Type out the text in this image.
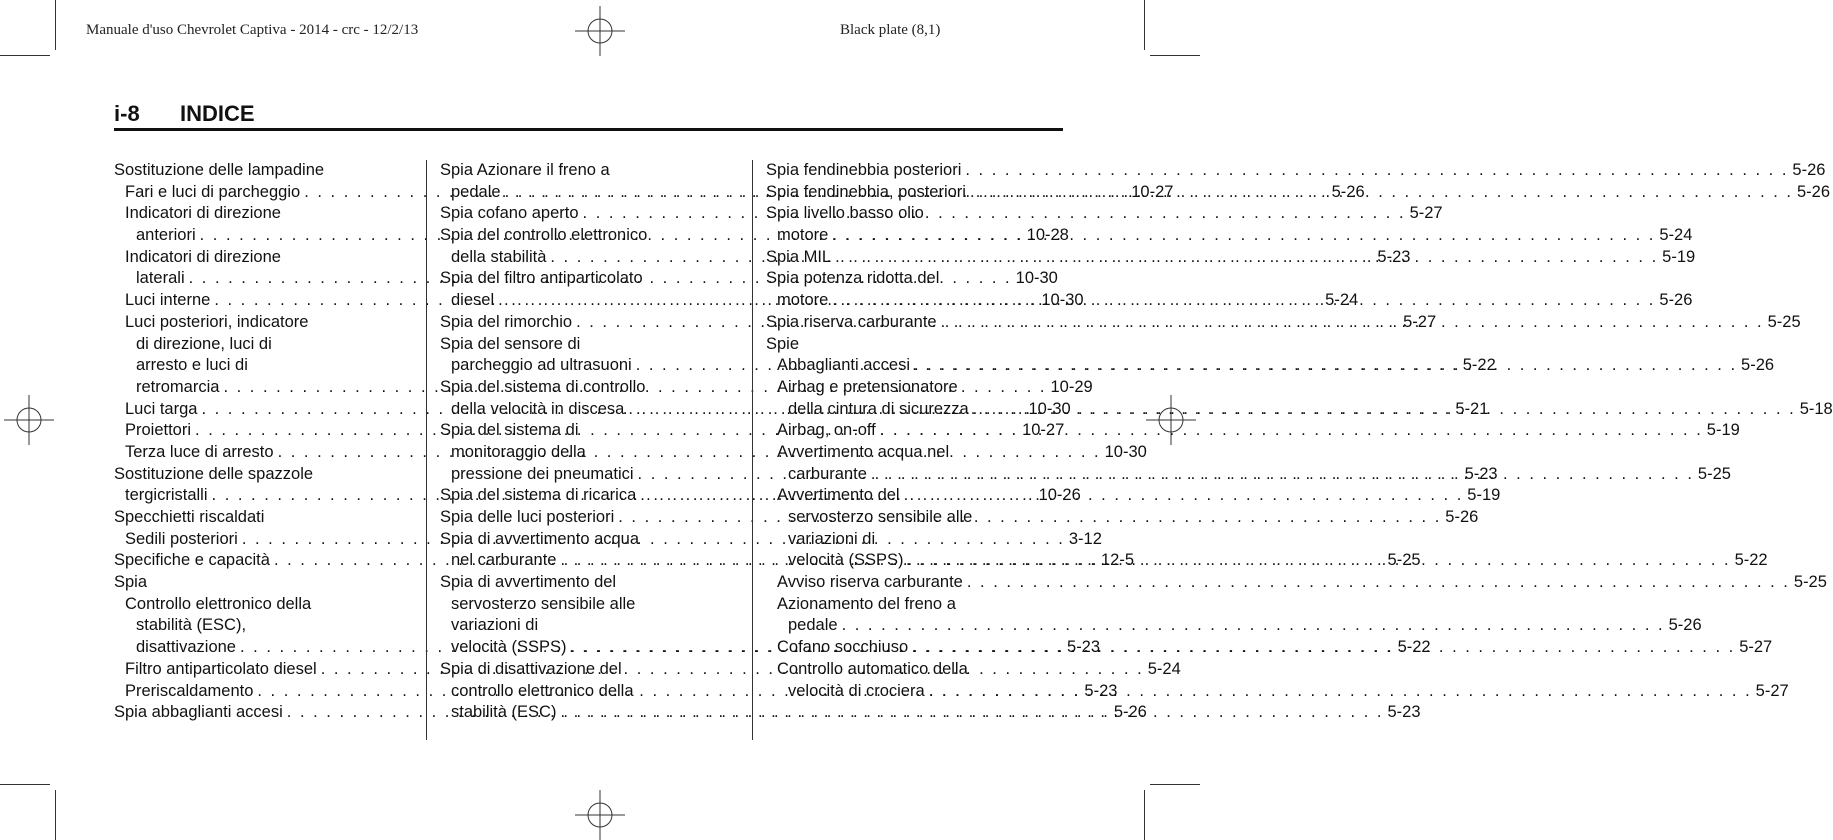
Manuale d'uso Chevrolet Captiva - 2014 - crc - 12/2/13	Black plate (8,1)
i-8 INDICE
Sostituzione delle lampadine
Fari e luci di parcheggio . . .	10-27
Indicatori di direzione
anteriori . . .	10-28
Indicatori di direzione
laterali . . .	10-30
Luci interne . . .	10-30
Luci posteriori, indicatore
di direzione, luci di
arresto e luci di
retromarcia . . .	10-29
Luci targa . . .	10-30
Proiettori . . .	10-27
Terza luce di arresto . . .	10-30
Sostituzione delle spazzole
tergicristalli . . .	10-26
Specchietti riscaldati
Sedili posteriori . . .	3-12
Specifiche e capacità . . .	12-5
Spia
Controllo elettronico della
stabilità (ESC),
disattivazione . . .	5-23
Filtro antiparticolato diesel . . .	5-24
Preriscaldamento . . .	5-23
Spia abbaglianti accesi . . .	5-26
Spia Azionare il freno a
pedale . . .	5-26
Spia cofano aperto . . .	5-27
Spia del controllo elettronico
della stabilità . . .	5-23
Spia del filtro antiparticolato
diesel . . .	5-24
Spia del rimorchio . . .	5-27
Spia del sensore di
parcheggio ad ultrasuoni . . .	5-22
Spia del sistema di controllo
della velocità in discesa . . .	5-21
Spia del sistema di
monitoraggio della
pressione dei pneumatici . . .	5-23
Spia del sistema di ricarica . . .	5-19
Spia delle luci posteriori . . .	5-26
Spia di avvertimento acqua
nel carburante . . .	5-25
Spia di avvertimento del
servosterzo sensibile alle
variazioni di
velocità (SSPS) . . .	5-22
Spia di disattivazione del
controllo elettronico della
stabilità (ESC) . . .	5-23
Spia fendinebbia posteriori . . .	5-26
Spia fendinebbia, posteriori . . .	5-26
Spia livello basso olio
motore . . .	5-24
Spia MIL . . .	5-19
Spia potenza ridotta del
motore . . .	5-26
Spia riserva carburante . . .	5-25
Spie
Abbaglianti accesi . . .	5-26
Airbag e pretensionatore
della cintura di sicurezza . . .	5-18
Airbag, on-off . . .	5-19
Avvertimento acqua nel
carburante . . .	5-25
Avvertimento del
servosterzo sensibile alle
variazioni di
velocità (SSPS) . . .	5-22
Avviso riserva carburante . . .	5-25
Azionamento del freno a
pedale . . .	5-26
Cofano socchiuso . . .	5-27
Controllo automatico della
velocità di crociera . . .	5-27
